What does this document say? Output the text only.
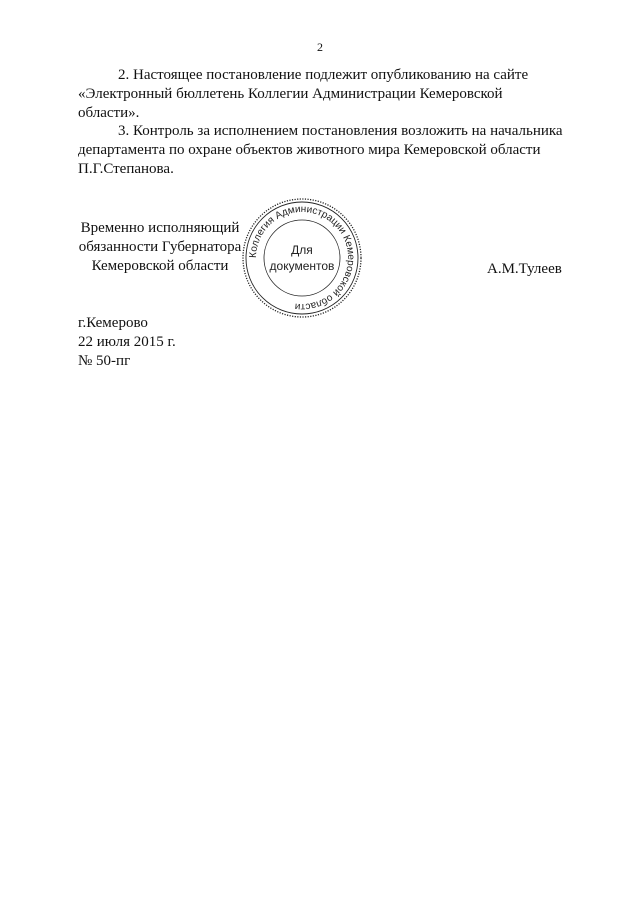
2
2. Настоящее постановление подлежит опубликованию на сайте
«Электронный бюллетень Коллегии Администрации Кемеровской
области».
3. Контроль за исполнением постановления возложить на начальника
департамента по охране объектов животного мира Кемеровской области
П.Г.Степанова.
Временно исполняющий
обязанности Губернатора
Кемеровской области
Коллегия Администрации Кемеровской области
Для
документов	А.М.Тулеев
г.Кемерово
22 июля 2015 г.
№ 50-пг
